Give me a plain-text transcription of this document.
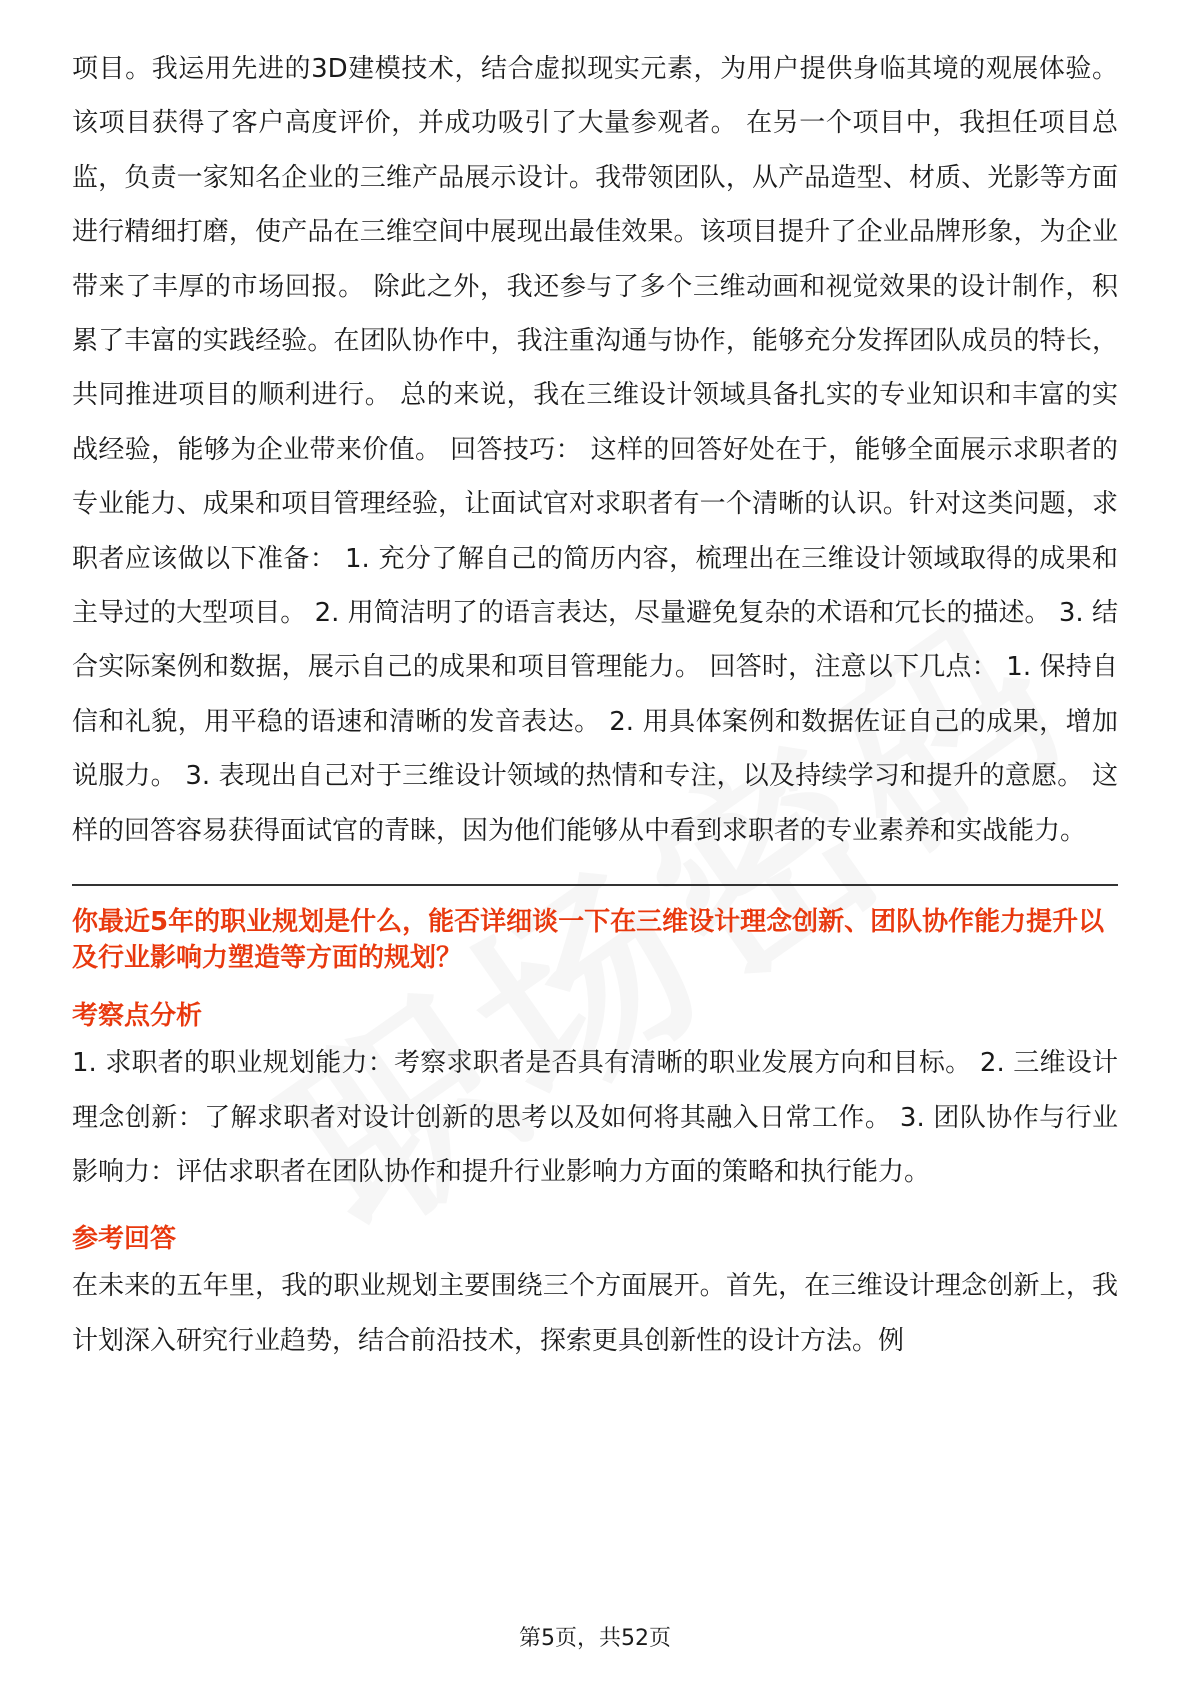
项目。我运用先进的3D建模技术，结合虚拟现实元素，为用户提供身临其境的观展体验。该项目获得了客户高度评价，并成功吸引了大量参观者。 在另一个项目中，我担任项目总监，负责一家知名企业的三维产品展示设计。我带领团队，从产品造型、材质、光影等方面进行精细打磨，使产品在三维空间中展现出最佳效果。该项目提升了企业品牌形象，为企业带来了丰厚的市场回报。 除此之外，我还参与了多个三维动画和视觉效果的设计制作，积累了丰富的实践经验。在团队协作中，我注重沟通与协作，能够充分发挥团队成员的特长，共同推进项目的顺利进行。 总的来说，我在三维设计领域具备扎实的专业知识和丰富的实战经验，能够为企业带来价值。 回答技巧： 这样的回答好处在于，能够全面展示求职者的专业能力、成果和项目管理经验，让面试官对求职者有一个清晰的认识。针对这类问题，求职者应该做以下准备： 1. 充分了解自己的简历内容，梳理出在三维设计领域取得的成果和主导过的大型项目。 2. 用简洁明了的语言表达，尽量避免复杂的术语和冗长的描述。 3. 结合实际案例和数据，展示自己的成果和项目管理能力。 回答时，注意以下几点： 1. 保持自信和礼貌，用平稳的语速和清晰的发音表达。 2. 用具体案例和数据佐证自己的成果，增加说服力。 3. 表现出自己对于三维设计领域的热情和专注，以及持续学习和提升的意愿。 这样的回答容易获得面试官的青睐，因为他们能够从中看到求职者的专业素养和实战能力。

你最近5年的职业规划是什么，能否详细谈一下在三维设计理念创新、团队协作能力提升以及行业影响力塑造等方面的规划？
考察点分析

1. 求职者的职业规划能力：考察求职者是否具有清晰的职业发展方向和目标。 2. 三维设计理念创新：了解求职者对设计创新的思考以及如何将其融入日常工作。 3. 团队协作与行业影响力：评估求职者在团队协作和提升行业影响力方面的策略和执行能力。

参考回答

在未来的五年里，我的职业规划主要围绕三个方面展开。首先，在三维设计理念创新上，我计划深入研究行业趋势，结合前沿技术，探索更具创新性的设计方法。例

第5页，共52页
